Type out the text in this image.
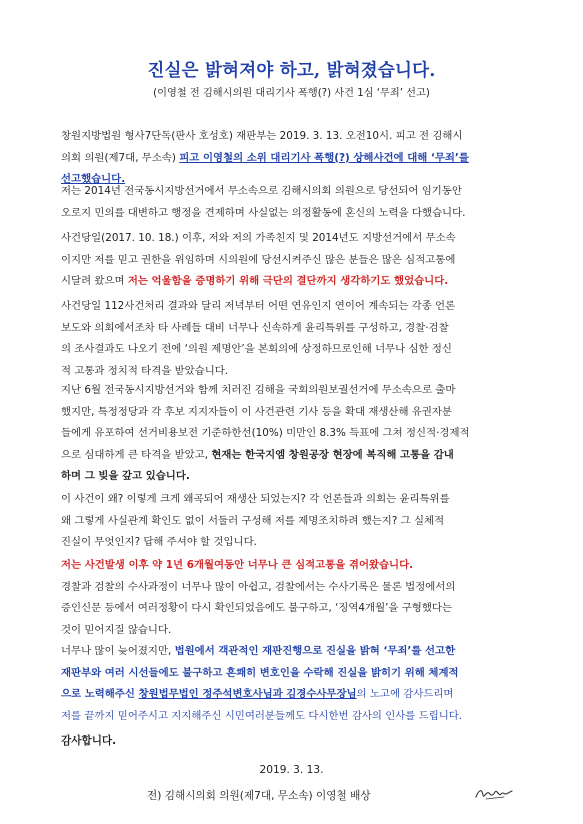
진실은 밝혀져야 하고, 밝혀졌습니다.
(이영철 전 김해시의원 대리기사 폭행(?) 사건 1심 ‘무죄’ 선고)
창원지방법원 형사7단독(판사 호성호) 재판부는 2019. 3. 13. 오전10시. 피고 전 김해시
의회 의원(제7대, 무소속) 피고 이영철의 소위 대리기사 폭행(?) 상해사건에 대해 ‘무죄’를
선고했습니다.
저는 2014년 전국동시지방선거에서 무소속으로 김해시의회 의원으로 당선되어 임기동안
오로지 민의를 대변하고 행정을 견제하며 사실없는 의정활동에 혼신의 노력을 다했습니다.
사건당일(2017. 10. 18.) 이후, 저와 저의 가족친지 및 2014년도 지방선거에서 무소속
이지만 저를 믿고 권한을 위임하며 시의원에 당선시켜주신 많은 분들은 많은 심적고통에
시달려 왔으며 저는 억울함을 증명하기 위해 극단의 결단까지 생각하기도 했었습니다.
사건당일 112사건처리 결과와 달리 저녁부터 어떤 연유인지 연이어 계속되는 각종 언론
보도와 의회에서조차 타 사례들 대비 너무나 신속하게 윤리특위를 구성하고, 경찰·검찰
의 조사결과도 나오기 전에 ‘의원 제명안’을 본회의에 상정하므로인해 너무나 심한 정신
적 고통과 정치적 타격을 받았습니다.
지난 6월 전국동시지방선거와 함께 치러진 김해을 국회의원보궐선거에 무소속으로 출마
했지만, 특정정당과 각 후보 지지자들이 이 사건관련 기사 등을 확대 재생산해 유권자분
들에게 유포하여 선거비용보전 기준하한선(10%) 미만인 8.3% 득표에 그쳐 정신적·경제적
으로 심대하게 큰 타격을 받았고, 현재는 한국지엠 창원공장 현장에 복직해 고통을 감내
하며 그 빚을 갚고 있습니다.
이 사건이 왜? 이렇게 크게 왜곡되어 재생산 되었는지? 각 언론들과 의회는 윤리특위를
왜 그렇게 사실관계 확인도 없이 서둘러 구성해 저를 제명조치하려 했는지? 그 실체적
진실이 무엇인지? 답해 주셔야 할 것입니다.
저는 사건발생 이후 약 1년 6개월여동안 너무나 큰 심적고통을 겪어왔습니다.
경찰과 검찰의 수사과정이 너무나 많이 아쉽고, 검찰에서는 수사기록은 물론 법정에서의
증인신문 등에서 여러정황이 다시 확인되었음에도 불구하고, ‘징역4개월’을 구형했다는
것이 믿어지질 않습니다.
너무나 많이 늦어졌지만, 법원에서 객관적인 재판진행으로 진실을 밝혀 ‘무죄’를 선고한
재판부와 여러 시선들에도 불구하고 흔쾌히 변호인을 수락해 진실을 밝히기 위해 체계적
으로 노력해주신 창원법무법인 정주석변호사님과 김경수사무장님의 노고에 감사드리며
저를 끝까지 믿어주시고 지지해주신 시민여러분들께도 다시한번 감사의 인사를 드립니다.
감사합니다.
2019. 3. 13.
전) 김해시의회 의원(제7대, 무소속) 이영철 배상
